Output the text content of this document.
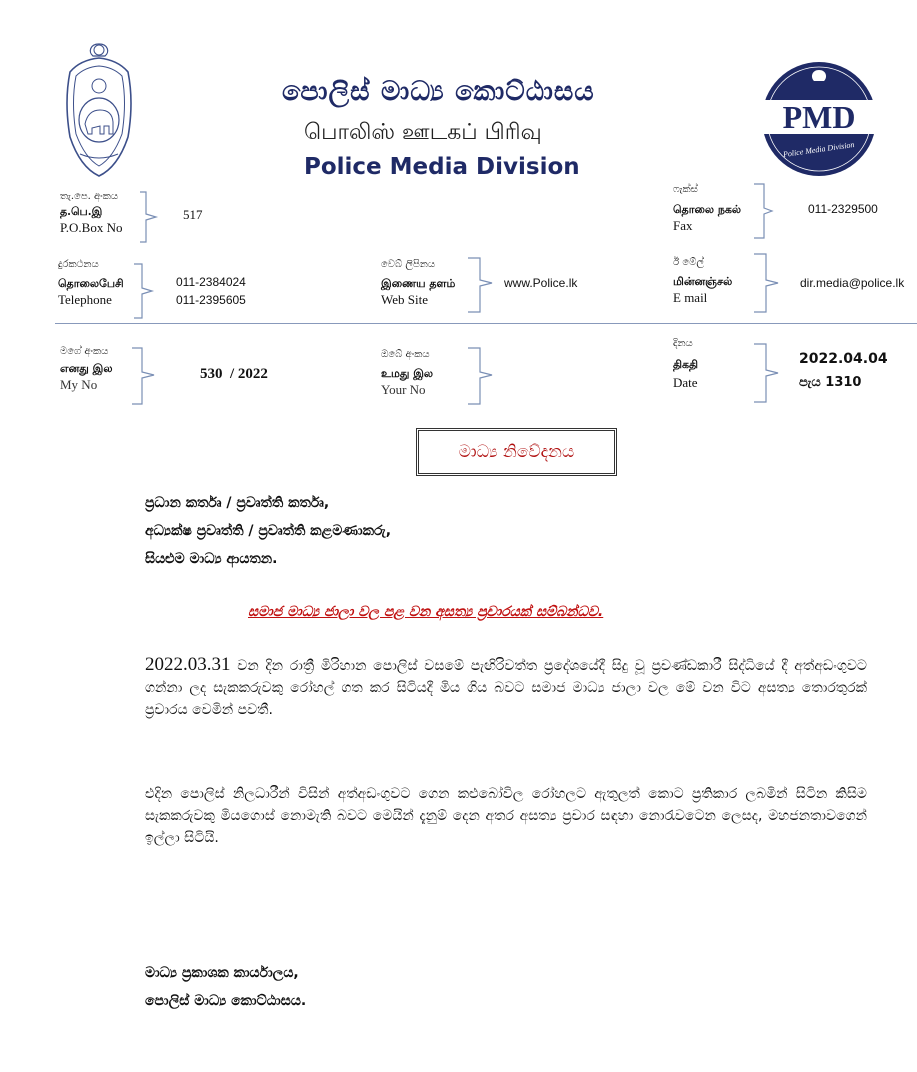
PMD
Police Media Division
පොලිස් මාධ්‍ය කොට්ඨාසය
பொலிஸ் ஊடகப் பிரிவு
Police Media Division
තැ.පෙ. අංකය
த.பெ.இ
P.O.Box No
517
ෆැක්ස්
தொலை நகல்
Fax
011-2329500
දුරකථනය
தொலைபேசி
Telephone
011-2384024
011-2395605
වෙබ් ලිපිනය
இணைய தளம்
Web Site
www.Police.lk
ඊ මේල්
மின்னஞ்சல்
E mail
dir.media@police.lk
මගේ අංකය
எனது இல
My No
530  / 2022
ඔබේ අංකය
உமது இல
Your No
දිනය
திகதி
Date
2022.04.04
පැය 1310
මාධ්‍ය නිවේදනය
ප්‍රධාන කර්තෘ / ප්‍රවෘත්ති කර්තෘ,
අධ්‍යක්ෂ ප්‍රවෘත්ති / ප්‍රවෘත්ති කළමණාකරු,
සියළුම මාධ්‍ය ආයතන.
සමාජ මාධ්‍ය ජාලා වල පළ වන අසත්‍ය ප්‍රචාරයක් සම්බන්ධව.
2022.03.31 වන දින රාත්‍රී මිරිහාන පොලිස් වසමේ පැඟිරිවත්ත ප්‍රදේශයේදී සිදු වූ ප්‍රචණ්ඩකාරී සිද්ධියේ දී අත්අඩංගුවට ගන්නා ලද සැකකරුවකු රෝහල් ගත කර සිටියදී මිය ගිය බවට සමාජ මාධ්‍ය ජාලා වල මේ වන විට අසත්‍ය තොරතුරක් ප්‍රචාරය වෙමින් පවතී.
එදින පොලිස් නිලධාරීන් විසින් අත්අඩංගුවට ගෙන කළුබෝවිල රෝහලට ඇතුලත් කොට ප්‍රතිකාර ලබමින් සිටින කිසිම සැකකරුවකු මියගොස් නොමැති බවට මෙයින් දැනුම් දෙන අතර අසත්‍ය ප්‍රචාර සඳහා නොරැවටෙන ලෙසද, මහජනතාවගෙන් ඉල්ලා සිටියි.
මාධ්‍ය ප්‍රකාශක කාර්යාලය,
පොලිස් මාධ්‍ය කොට්ඨාසය.
